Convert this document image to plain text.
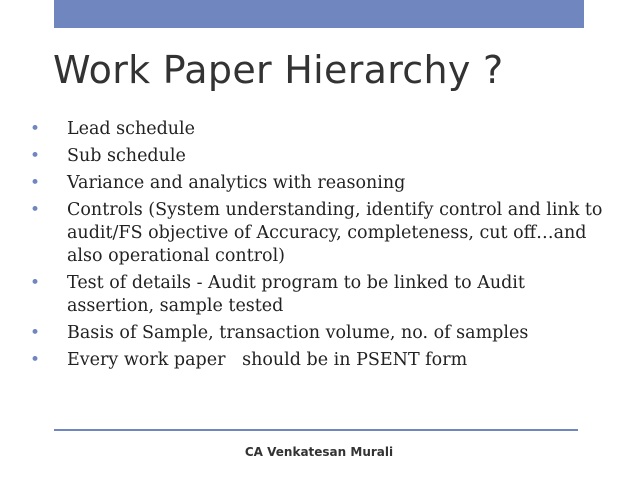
Work Paper Hierarchy ?
• Lead schedule
• Sub schedule
• Variance and analytics with reasoning
• Controls (System understanding, identify control and link to audit/FS objective of Accuracy, completeness, cut off…and also operational control)
• Test of details - Audit program to be linked to Audit assertion, sample tested
• Basis of Sample, transaction volume, no. of samples
• Every work paper   should be in PSENT form
CA Venkatesan Murali
